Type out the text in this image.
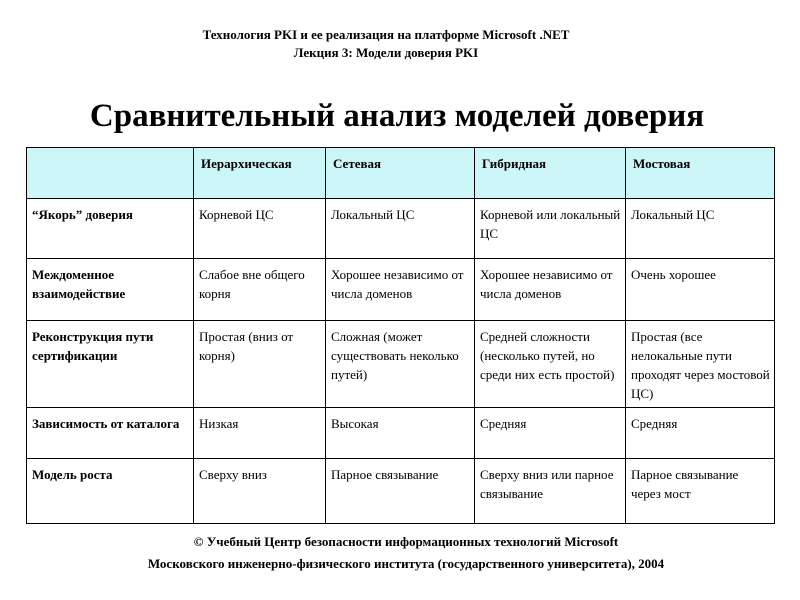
Технология PKI и ее реализация на платформе Microsoft .NET
Лекция 3: Модели доверия PKI
Сравнительный анализ моделей доверия
	Иерархическая	Сетевая	Гибридная	Мостовая
“Якорь” доверия	Корневой ЦС	Локальный ЦС	Корневой или локальный ЦС	Локальный ЦС
Междоменное взаимодействие	Слабое вне общего корня	Хорошее независимо от числа доменов	Хорошее независимо от числа доменов	Очень хорошее
Реконструкция пути сертификации	Простая (вниз от корня)	Сложная (может существовать неколько путей)	Средней сложности (несколько путей, но среди них есть простой)	Простая (все нелокальные пути проходят через мостовой ЦС)
Зависимость от каталога	Низкая	Высокая	Средняя	Средняя
Модель роста	Сверху вниз	Парное связывание	Сверху вниз или парное связывание	Парное связывание через мост
© Учебный Центр безопасности информационных технологий Microsoft
Московского инженерно-физического института (государственного университета), 2004
